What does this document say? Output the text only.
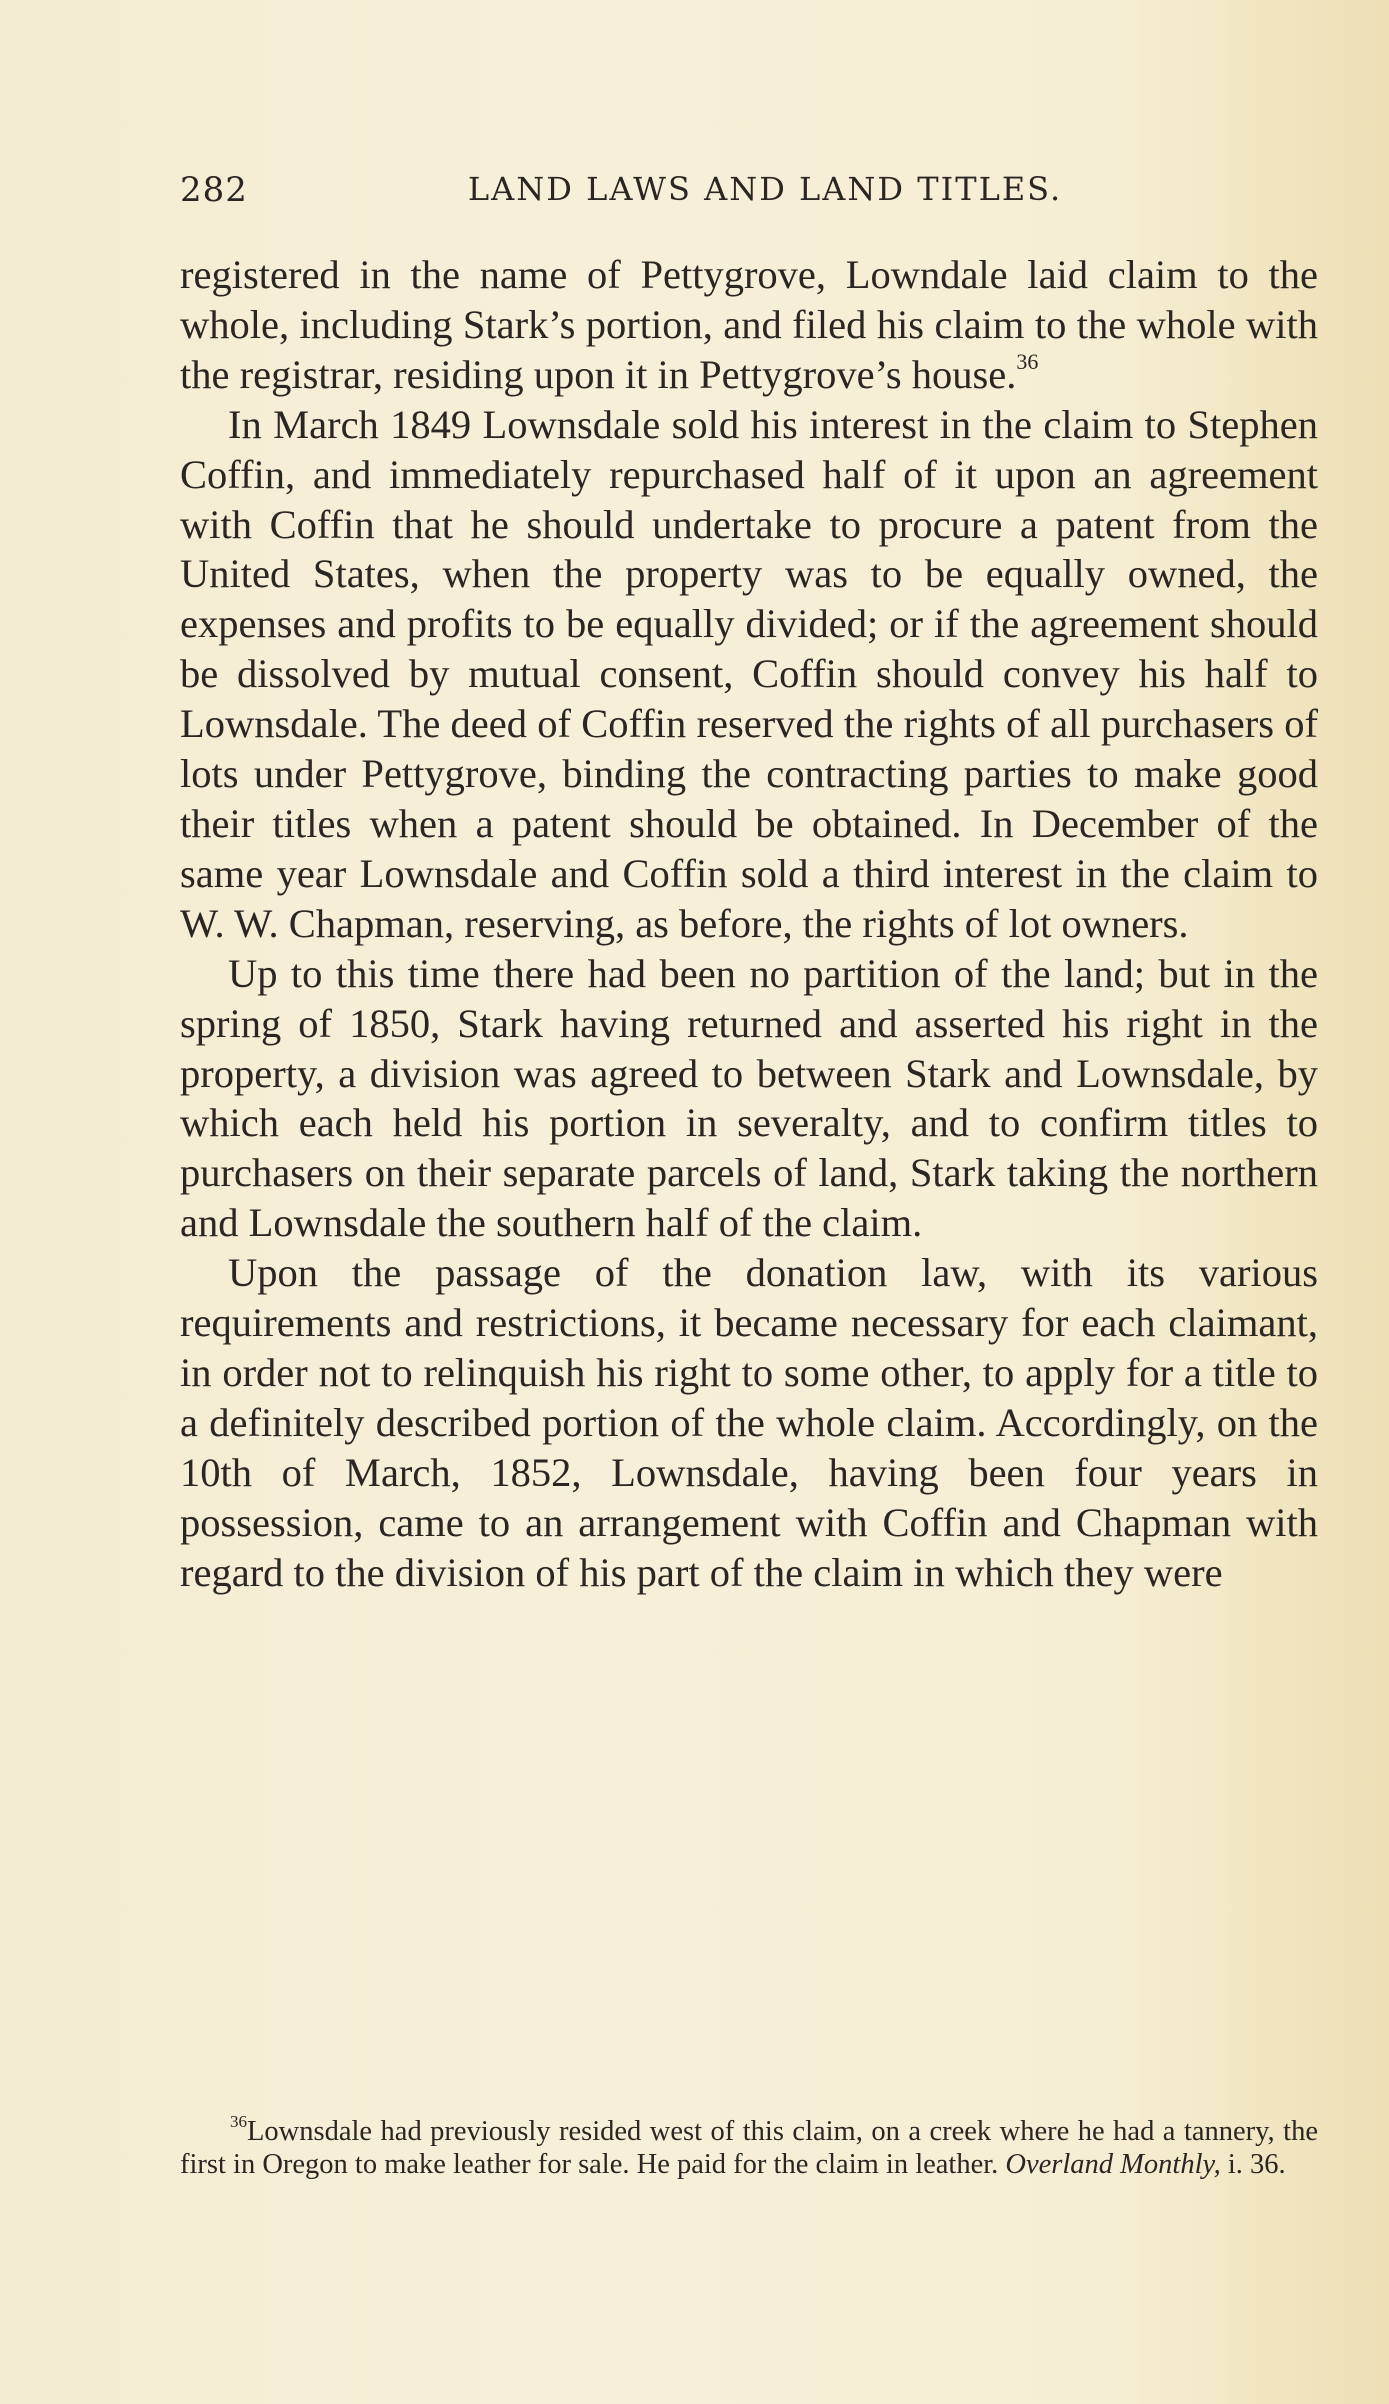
282	LAND LAWS AND LAND TITLES.

registered in the name of Pettygrove, Lowndale laid claim to the whole, including Stark’s portion, and filed his claim to the whole with the registrar, residing upon it in Pettygrove’s house.$^{36}$

In March 1849 Lownsdale sold his interest in the claim to Stephen Coffin, and immediately repurchased half of it upon an agreement with Coffin that he should undertake to procure a patent from the United States, when the property was to be equally owned, the expenses and profits to be equally divided; or if the agreement should be dissolved by mutual consent, Coffin should convey his half to Lownsdale. The deed of Coffin reserved the rights of all purchasers of lots under Pettygrove, binding the contracting parties to make good their titles when a patent should be obtained. In December of the same year Lownsdale and Coffin sold a third interest in the claim to W. W. Chapman, reserving, as before, the rights of lot owners.

Up to this time there had been no partition of the land; but in the spring of 1850, Stark having returned and asserted his right in the property, a division was agreed to between Stark and Lownsdale, by which each held his portion in severalty, and to confirm titles to purchasers on their separate parcels of land, Stark taking the northern and Lownsdale the southern half of the claim.

Upon the passage of the donation law, with its various requirements and restrictions, it became necessary for each claimant, in order not to relinquish his right to some other, to apply for a title to a definitely described portion of the whole claim. Accordingly, on the 10th of March, 1852, Lownsdale, having been four years in possession, came to an arrangement with Coffin and Chapman with regard to the division of his part of the claim in which they were

$^{36}$Lownsdale had previously resided west of this claim, on a creek where he had a tannery, the first in Oregon to make leather for sale. He paid for the claim in leather. Overland Monthly, i. 36.
